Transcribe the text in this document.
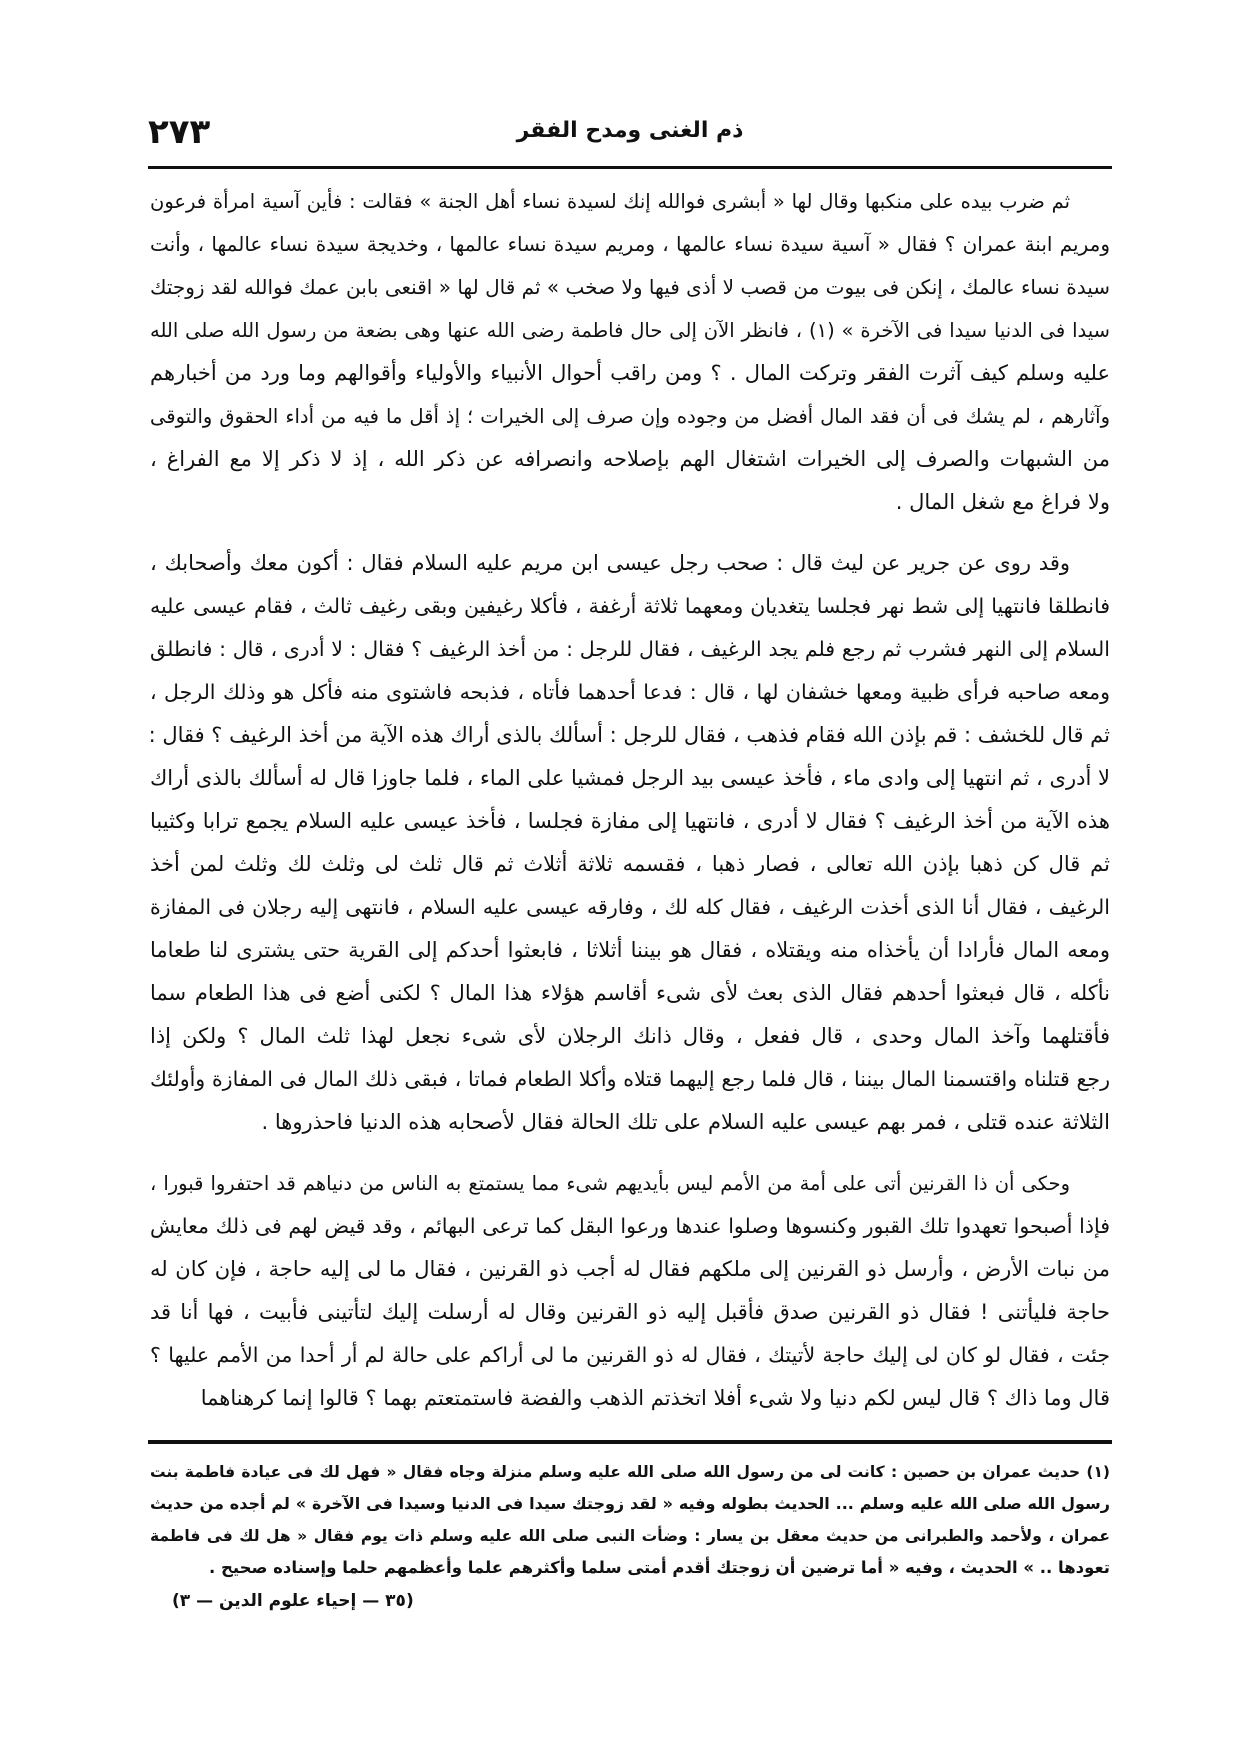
٢٧٣	ذم الغنى ومدح الفقر
ثم ضرب بيده على منكبها وقال لها « أبشرى فوالله إنك لسيدة نساء أهل الجنة » فقالت : فأين آسية امرأة فرعون
ومريم ابنة عمران ؟ فقال « آسية سيدة نساء عالمها ، ومريم سيدة نساء عالمها ، وخديجة سيدة نساء عالمها ، وأنت
سيدة نساء عالمك ، إنكن فى بيوت من قصب لا أذى فيها ولا صخب » ثم قال لها « اقنعى بابن عمك فوالله لقد زوجتك
سيدا فى الدنيا سيدا فى الآخرة » (١) ، فانظر الآن إلى حال فاطمة رضى الله عنها وهى بضعة من رسول الله صلى الله
عليه وسلم كيف آثرت الفقر وتركت المال . ؟ ومن راقب أحوال الأنبياء والأولياء وأقوالهم وما ورد من أخبارهم
وآثارهم ، لم يشك فى أن فقد المال أفضل من وجوده وإن صرف إلى الخيرات ؛ إذ أقل ما فيه من أداء الحقوق والتوقى
من الشبهات والصرف إلى الخيرات اشتغال الهم بإصلاحه وانصرافه عن ذكر الله ، إذ لا ذكر إلا مع الفراغ ،
ولا فراغ مع شغل المال .
وقد روى عن جرير عن ليث قال : صحب رجل عيسى ابن مريم عليه السلام فقال : أكون معك وأصحابك ،
فانطلقا فانتهيا إلى شط نهر فجلسا يتغديان ومعهما ثلاثة أرغفة ، فأكلا رغيفين وبقى رغيف ثالث ، فقام عيسى عليه
السلام إلى النهر فشرب ثم رجع فلم يجد الرغيف ، فقال للرجل : من أخذ الرغيف ؟ فقال : لا أدرى ، قال : فانطلق
ومعه صاحبه فرأى ظبية ومعها خشفان لها ، قال : فدعا أحدهما فأتاه ، فذبحه فاشتوى منه فأكل هو وذلك الرجل ،
ثم قال للخشف : قم بإذن الله فقام فذهب ، فقال للرجل : أسألك بالذى أراك هذه الآية من أخذ الرغيف ؟ فقال :
لا أدرى ، ثم انتهيا إلى وادى ماء ، فأخذ عيسى بيد الرجل فمشيا على الماء ، فلما جاوزا قال له أسألك بالذى أراك
هذه الآية من أخذ الرغيف ؟ فقال لا أدرى ، فانتهيا إلى مفازة فجلسا ، فأخذ عيسى عليه السلام يجمع ترابا وكثيبا
ثم قال كن ذهبا بإذن الله تعالى ، فصار ذهبا ، فقسمه ثلاثة أثلاث ثم قال ثلث لى وثلث لك وثلث لمن أخذ
الرغيف ، فقال أنا الذى أخذت الرغيف ، فقال كله لك ، وفارقه عيسى عليه السلام ، فانتهى إليه رجلان فى المفازة
ومعه المال فأرادا أن يأخذاه منه ويقتلاه ، فقال هو بيننا أثلاثا ، فابعثوا أحدكم إلى القرية حتى يشترى لنا طعاما
نأكله ، قال فبعثوا أحدهم فقال الذى بعث لأى شىء أقاسم هؤلاء هذا المال ؟ لكنى أضع فى هذا الطعام سما
فأقتلهما وآخذ المال وحدى ، قال ففعل ، وقال ذانك الرجلان لأى شىء نجعل لهذا ثلث المال ؟ ولكن إذا
رجع قتلناه واقتسمنا المال بيننا ، قال فلما رجع إليهما قتلاه وأكلا الطعام فماتا ، فبقى ذلك المال فى المفازة وأولئك
الثلاثة عنده قتلى ، فمر بهم عيسى عليه السلام على تلك الحالة فقال لأصحابه هذه الدنيا فاحذروها .
وحكى أن ذا القرنين أتى على أمة من الأمم ليس بأيديهم شىء مما يستمتع به الناس من دنياهم قد احتفروا قبورا ،
فإذا أصبحوا تعهدوا تلك القبور وكنسوها وصلوا عندها ورعوا البقل كما ترعى البهائم ، وقد قيض لهم فى ذلك معايش
من نبات الأرض ، وأرسل ذو القرنين إلى ملكهم فقال له أجب ذو القرنين ، فقال ما لى إليه حاجة ، فإن كان له
حاجة فليأتنى ! فقال ذو القرنين صدق فأقبل إليه ذو القرنين وقال له أرسلت إليك لتأتينى فأبيت ، فها أنا قد
جئت ، فقال لو كان لى إليك حاجة لأتيتك ، فقال له ذو القرنين ما لى أراكم على حالة لم أر أحدا من الأمم عليها ؟
قال وما ذاك ؟ قال ليس لكم دنيا ولا شىء أفلا اتخذتم الذهب والفضة فاستمتعتم بهما ؟ قالوا إنما كرهناهما
(١) حديث عمران بن حصين : كانت لى من رسول الله صلى الله عليه وسلم منزلة وجاه فقال « فهل لك فى عيادة فاطمة بنت
رسول الله صلى الله عليه وسلم ... الحديث بطوله وفيه « لقد زوجتك سيدا فى الدنيا وسيدا فى الآخرة » لم أجده من حديث
عمران ، ولأحمد والطبرانى من حديث معقل بن يسار : وضأت النبى صلى الله عليه وسلم ذات يوم فقال « هل لك فى فاطمة
تعودها .. » الحديث ، وفيه « أما ترضين أن زوجتك أقدم أمتى سلما وأكثرهم علما وأعظمهم حلما وإسناده صحيح .
(٣٥ — إحياء علوم الدين — ٣)
